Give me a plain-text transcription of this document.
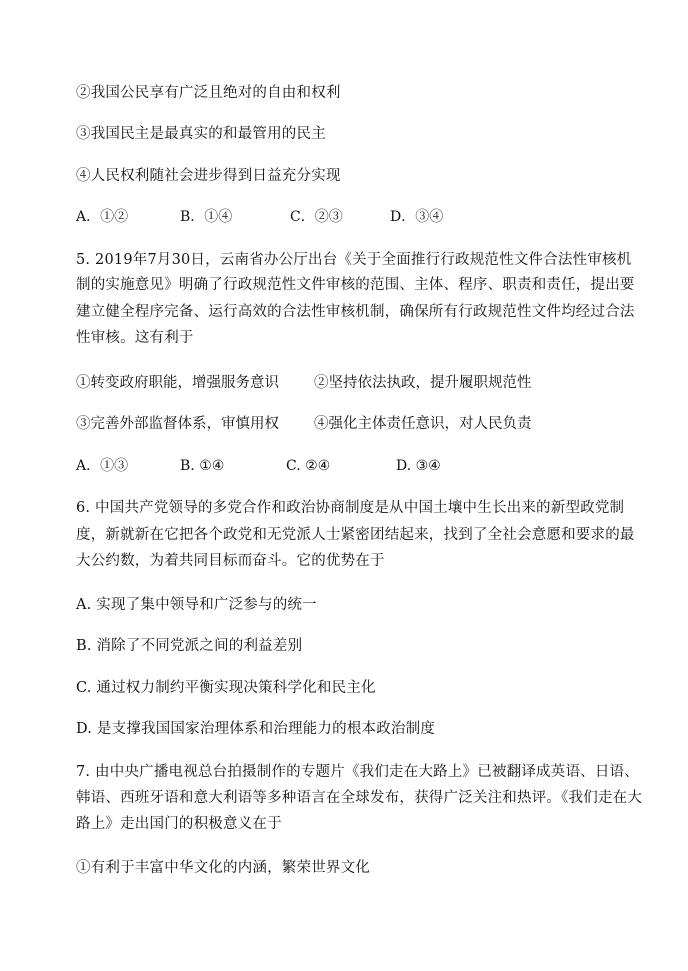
②我国公民享有广泛且绝对的自由和权利
③我国民主是最真实的和最管用的民主
④人民权利随社会进步得到日益充分实现
A．①②	B．①④	C．②③	D．③④
5. 2019年7月30日，云南省办公厅出台《关于全面推行行政规范性文件合法性审核机
制的实施意见》明确了行政规范性文件审核的范围、主体、程序、职责和责任，提出要
建立健全程序完备、运行高效的合法性审核机制，确保所有行政规范性文件均经过合法
性审核。这有利于
①转变政府职能，增强服务意识 ②坚持依法执政，提升履职规范性
③完善外部监督体系，审慎用权 ④强化主体责任意识，对人民负责
A．①③	B. ①④	C. ②④	D. ③④
6. 中国共产党领导的多党合作和政治协商制度是从中国土壤中生长出来的新型政党制
度，新就新在它把各个政党和无党派人士紧密团结起来，找到了全社会意愿和要求的最
大公约数，为着共同目标而奋斗。它的优势在于
A. 实现了集中领导和广泛参与的统一
B. 消除了不同党派之间的利益差别
C. 通过权力制约平衡实现决策科学化和民主化
D. 是支撑我国国家治理体系和治理能力的根本政治制度
7. 由中央广播电视总台拍摄制作的专题片《我们走在大路上》已被翻译成英语、日语、
韩语、西班牙语和意大利语等多种语言在全球发布，获得广泛关注和热评。《我们走在大
路上》走出国门的积极意义在于
①有利于丰富中华文化的内涵，繁荣世界文化
